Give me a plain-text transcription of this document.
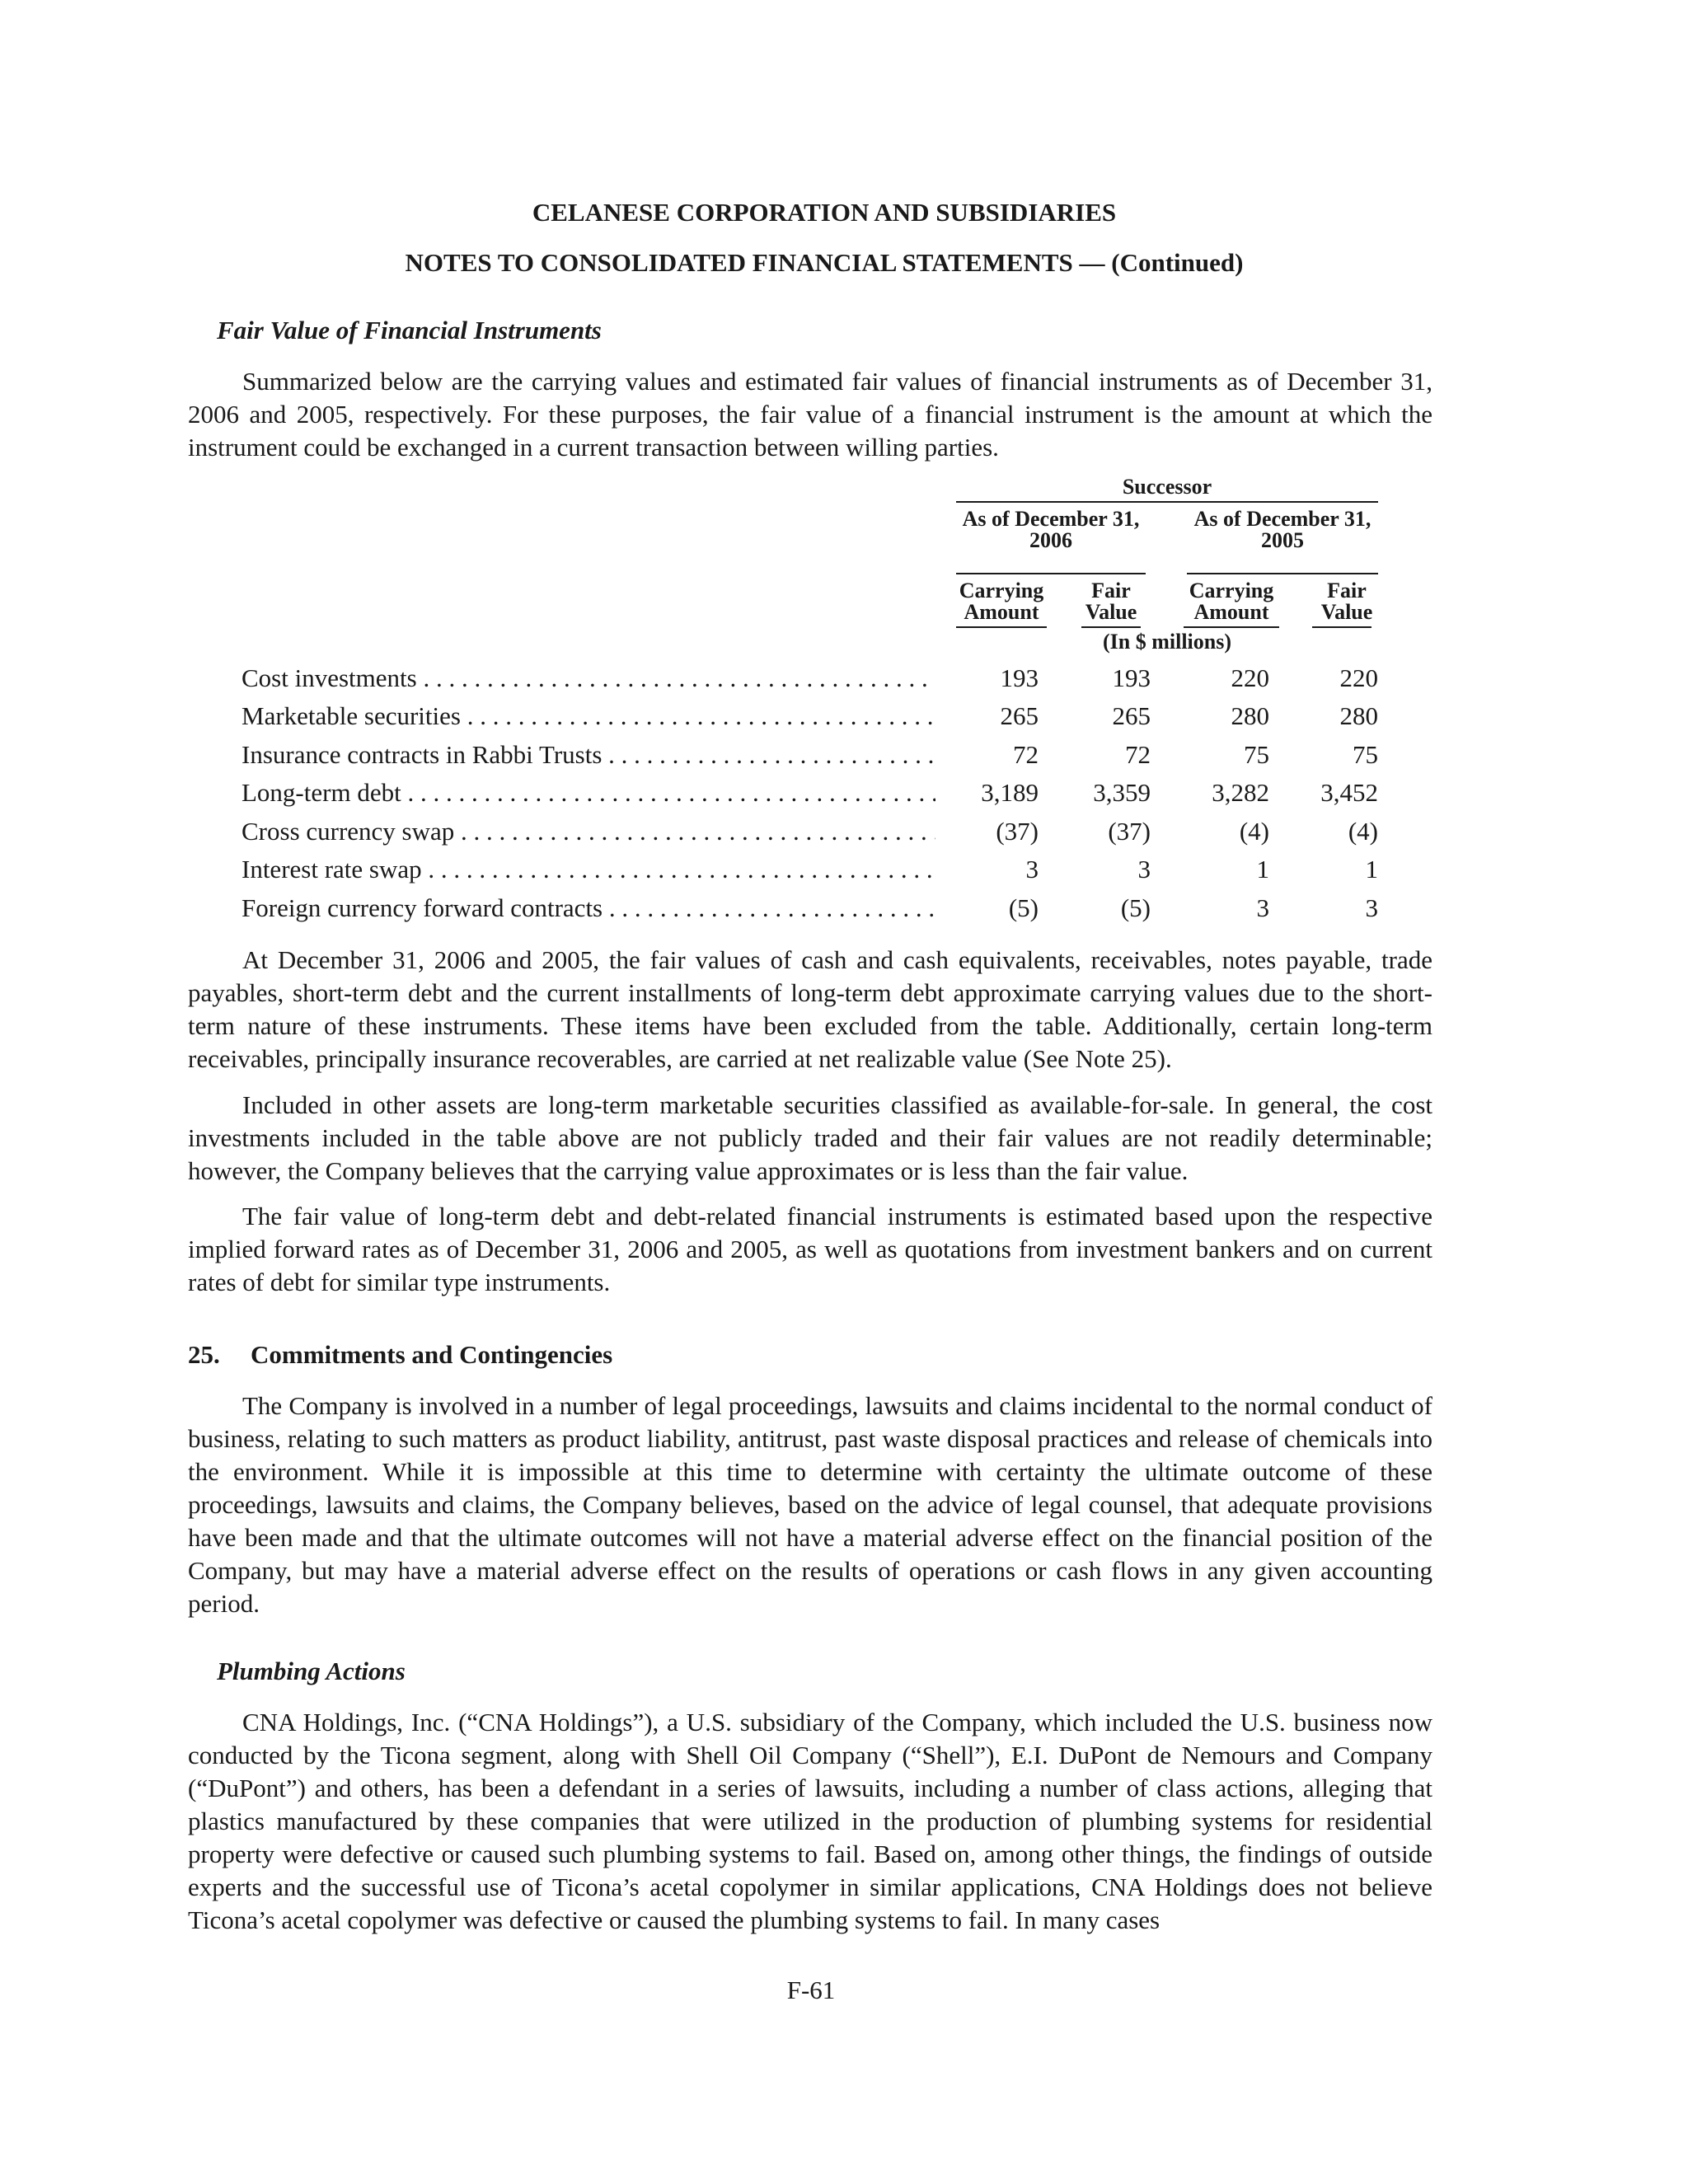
CELANESE CORPORATION AND SUBSIDIARIES
NOTES TO CONSOLIDATED FINANCIAL STATEMENTS — (Continued)
Fair Value of Financial Instruments

Summarized below are the carrying values and estimated fair values of financial instruments as of December 31, 2006 and 2005, respectively. For these purposes, the fair value of a financial instrument is the amount at which the instrument could be exchanged in a current transaction between willing parties.

Successor
As of December 31, 2006
As of December 31, 2005
Carrying Amount
Fair Value
Carrying Amount
Fair Value
(In $ millions)
Cost investments . . .	193	193	220	220
Marketable securities . . .	265	265	280	280
Insurance contracts in Rabbi Trusts . . .	72	72	75	75
Long-term debt . . .	3,189	3,359	3,282	3,452
Cross currency swap . . .	(37)	(37)	(4)	(4)
Interest rate swap . . .	3	3	1	1
Foreign currency forward contracts . . .	(5)	(5)	3	3

At December 31, 2006 and 2005, the fair values of cash and cash equivalents, receivables, notes payable, trade payables, short-term debt and the current installments of long-term debt approximate carrying values due to the short-term nature of these instruments. These items have been excluded from the table. Additionally, certain long-term receivables, principally insurance recoverables, are carried at net realizable value (See Note 25).

Included in other assets are long-term marketable securities classified as available-for-sale. In general, the cost investments included in the table above are not publicly traded and their fair values are not readily determinable; however, the Company believes that the carrying value approximates or is less than the fair value.

The fair value of long-term debt and debt-related financial instruments is estimated based upon the respective implied forward rates as of December 31, 2006 and 2005, as well as quotations from investment bankers and on current rates of debt for similar type instruments.

25. Commitments and Contingencies

The Company is involved in a number of legal proceedings, lawsuits and claims incidental to the normal conduct of business, relating to such matters as product liability, antitrust, past waste disposal practices and release of chemicals into the environment. While it is impossible at this time to determine with certainty the ultimate outcome of these proceedings, lawsuits and claims, the Company believes, based on the advice of legal counsel, that adequate provisions have been made and that the ultimate outcomes will not have a material adverse effect on the financial position of the Company, but may have a material adverse effect on the results of operations or cash flows in any given accounting period.

Plumbing Actions

CNA Holdings, Inc. (“CNA Holdings”), a U.S. subsidiary of the Company, which included the U.S. business now conducted by the Ticona segment, along with Shell Oil Company (“Shell”), E.I. DuPont de Nemours and Company (“DuPont”) and others, has been a defendant in a series of lawsuits, including a number of class actions, alleging that plastics manufactured by these companies that were utilized in the production of plumbing systems for residential property were defective or caused such plumbing systems to fail. Based on, among other things, the findings of outside experts and the successful use of Ticona’s acetal copolymer in similar applications, CNA Holdings does not believe Ticona’s acetal copolymer was defective or caused the plumbing systems to fail. In many cases

F-61
